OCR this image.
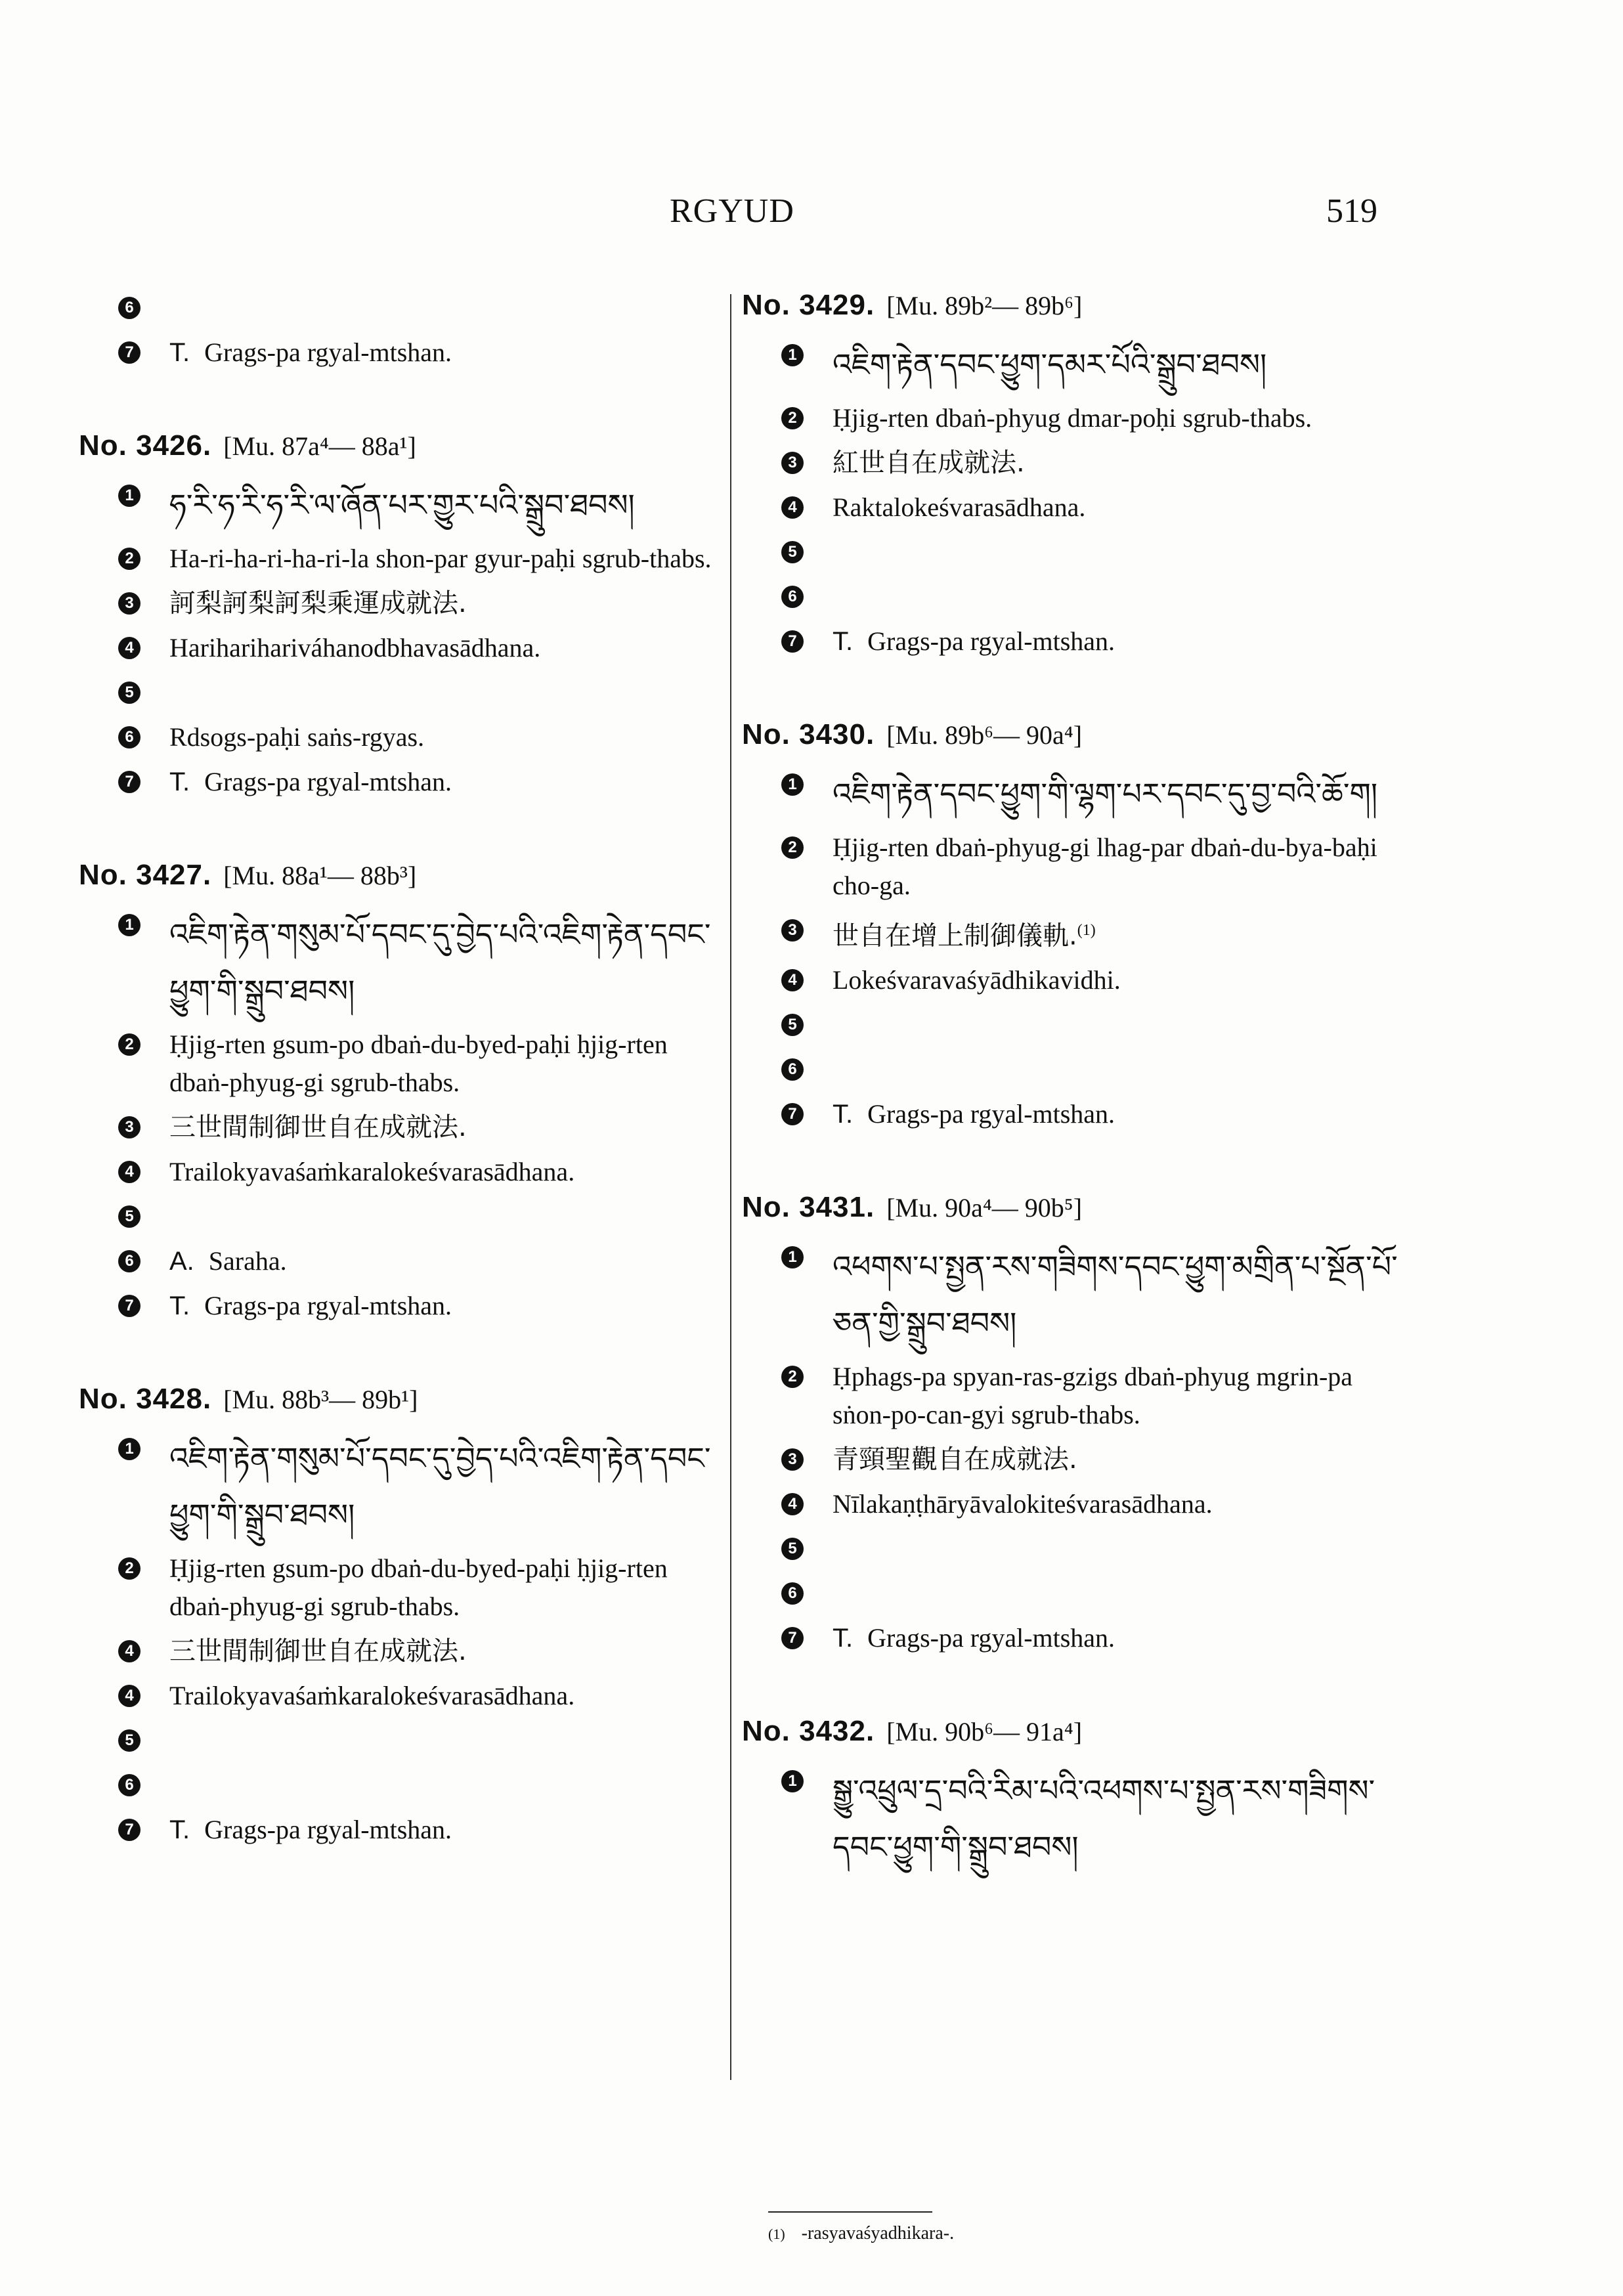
RGYUD	519
6
7 T. Grags-pa rgyal-mtshan.
No. 3426. [Mu. 87a⁴— 88a¹]
1 ཧ་རི་ཧ་རི་ཧ་རི་ལ་ཞོན་པར་གྱུར་པའི་སྒྲུབ་ཐབས།
2 Ha-ri-ha-ri-ha-ri-la shon-par gyur-paḥi sgrub-thabs.
3 訶梨訶梨訶梨乘運成就法.
4 Hariharihariváhanodbhavasādhana.
5
6 Rdsogs-paḥi saṅs-rgyas.
7 T. Grags-pa rgyal-mtshan.
No. 3427. [Mu. 88a¹— 88b³]
1 འཇིག་རྟེན་གསུམ་པོ་དབང་དུ་བྱེད་པའི་འཇིག་རྟེན་དབང་ཕྱུག་གི་སྒྲུབ་ཐབས།
2 Ḥjig-rten gsum-po dbaṅ-du-byed-paḥi ḥjig-rten dbaṅ-phyug-gi sgrub-thabs.
3 三世間制御世自在成就法.
4 Trailokyavaśaṁkaralokeśvarasādhana.
5
6 A. Saraha.
7 T. Grags-pa rgyal-mtshan.
No. 3428. [Mu. 88b³— 89b¹]
1 འཇིག་རྟེན་གསུམ་པོ་དབང་དུ་བྱེད་པའི་འཇིག་རྟེན་དབང་ཕྱུག་གི་སྒྲུབ་ཐབས།
2 Ḥjig-rten gsum-po dbaṅ-du-byed-paḥi ḥjig-rten dbaṅ-phyug-gi sgrub-thabs.
4 三世間制御世自在成就法.
4 Trailokyavaśaṁkaralokeśvarasādhana.
5
6
7 T. Grags-pa rgyal-mtshan.
No. 3429. [Mu. 89b²— 89b⁶]
1 འཇིག་རྟེན་དབང་ཕྱུག་དམར་པོའི་སྒྲུབ་ཐབས།
2 Ḥjig-rten dbaṅ-phyug dmar-poḥi sgrub-thabs.
3 紅世自在成就法.
4 Raktalokeśvarasādhana.
5
6
7 T. Grags-pa rgyal-mtshan.
No. 3430. [Mu. 89b⁶— 90a⁴]
1 འཇིག་རྟེན་དབང་ཕྱུག་གི་ལྷག་པར་དབང་དུ་བྱ་བའི་ཆོ་ག།
2 Ḥjig-rten dbaṅ-phyug-gi lhag-par dbaṅ-du-bya-baḥi cho-ga.
3 世自在增上制御儀軌.$^{(1)}$
4 Lokeśvaravaśyādhikavidhi.
5
6
7 T. Grags-pa rgyal-mtshan.
No. 3431. [Mu. 90a⁴— 90b⁵]
1 འཕགས་པ་སྤྱན་རས་གཟིགས་དབང་ཕྱུག་མགྲིན་པ་སྔོན་པོ་ཅན་གྱི་སྒྲུབ་ཐབས།
2 Ḥphags-pa spyan-ras-gzigs dbaṅ-phyug mgrin-pa sṅon-po-can-gyi sgrub-thabs.
3 青頸聖觀自在成就法.
4 Nīlakaṇṭhāryāvalokiteśvarasādhana.
5
6
7 T. Grags-pa rgyal-mtshan.
No. 3432. [Mu. 90b⁶— 91a⁴]
1 སྒྱུ་འཕྲུལ་དྲ་བའི་རིམ་པའི་འཕགས་པ་སྤྱན་རས་གཟིགས་དབང་ཕྱུག་གི་སྒྲུབ་ཐབས།
(1) -rasyavaśyadhikara-.
